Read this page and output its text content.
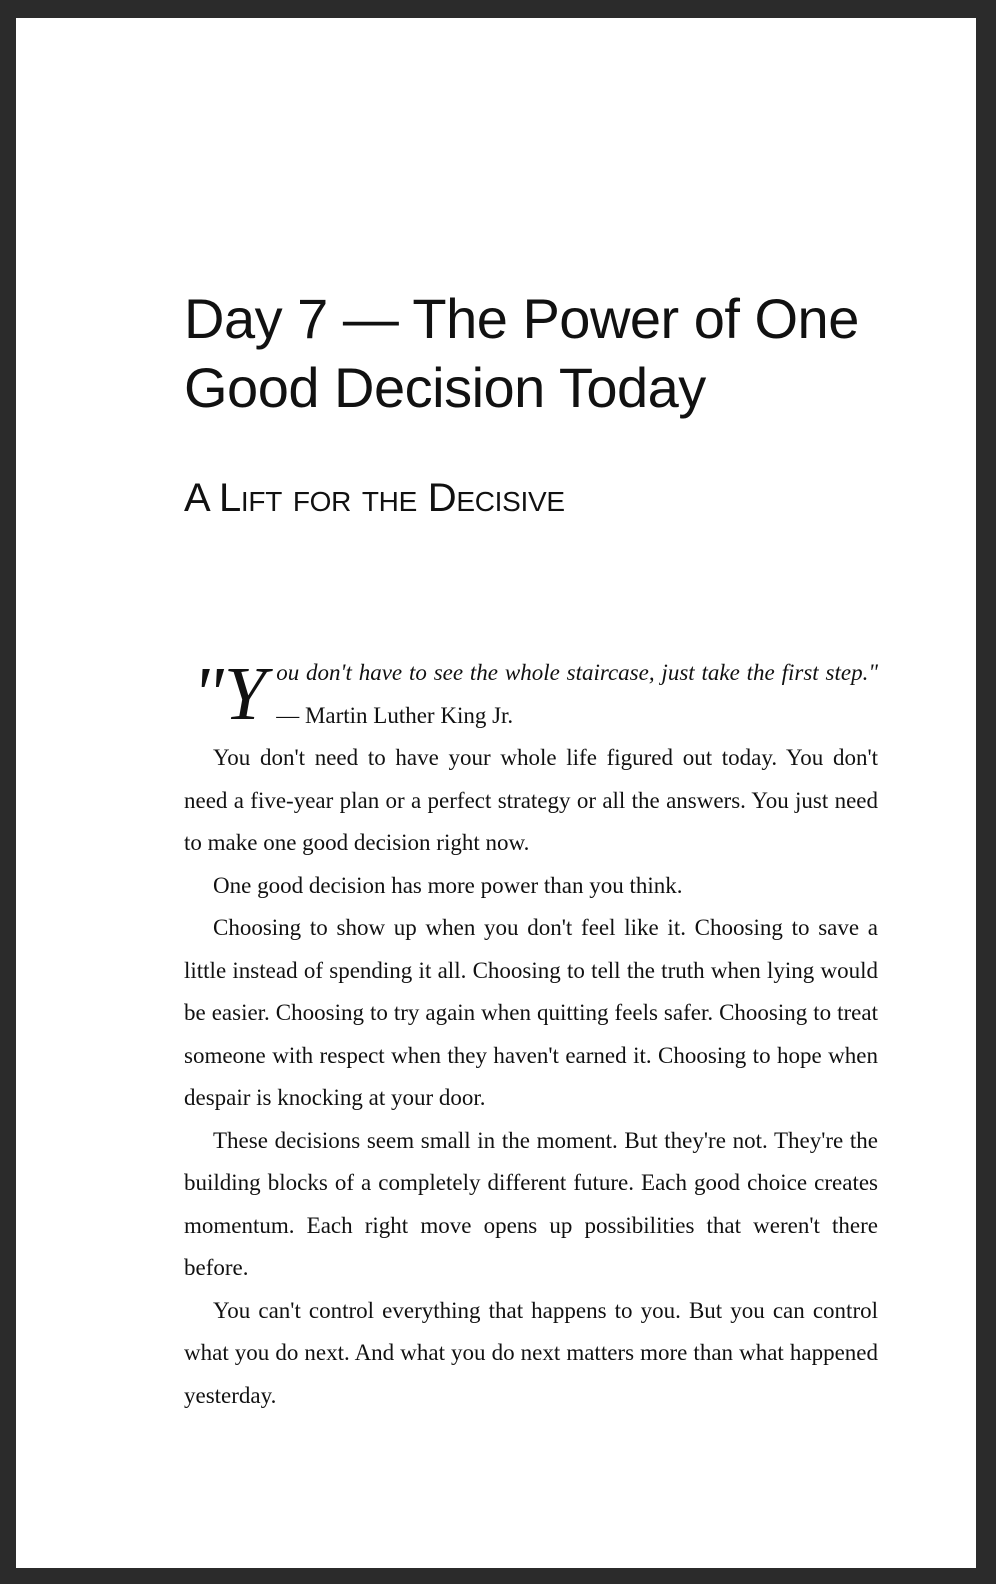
Day 7 — The Power of One
Good Decision Today
A Lift for the Decisive

"You don't have to see the whole staircase, just take the first step." — Martin Luther King Jr.

You don't need to have your whole life figured out today. You don't need a five-year plan or a perfect strategy or all the answers. You just need to make one good decision right now.

One good decision has more power than you think.

Choosing to show up when you don't feel like it. Choosing to save a little instead of spending it all. Choosing to tell the truth when lying would be easier. Choosing to try again when quitting feels safer. Choosing to treat someone with respect when they haven't earned it. Choosing to hope when despair is knocking at your door.

These decisions seem small in the moment. But they're not. They're the building blocks of a completely different future. Each good choice creates momentum. Each right move opens up possibilities that weren't there before.

You can't control everything that happens to you. But you can control what you do next. And what you do next matters more than what happened yesterday.
